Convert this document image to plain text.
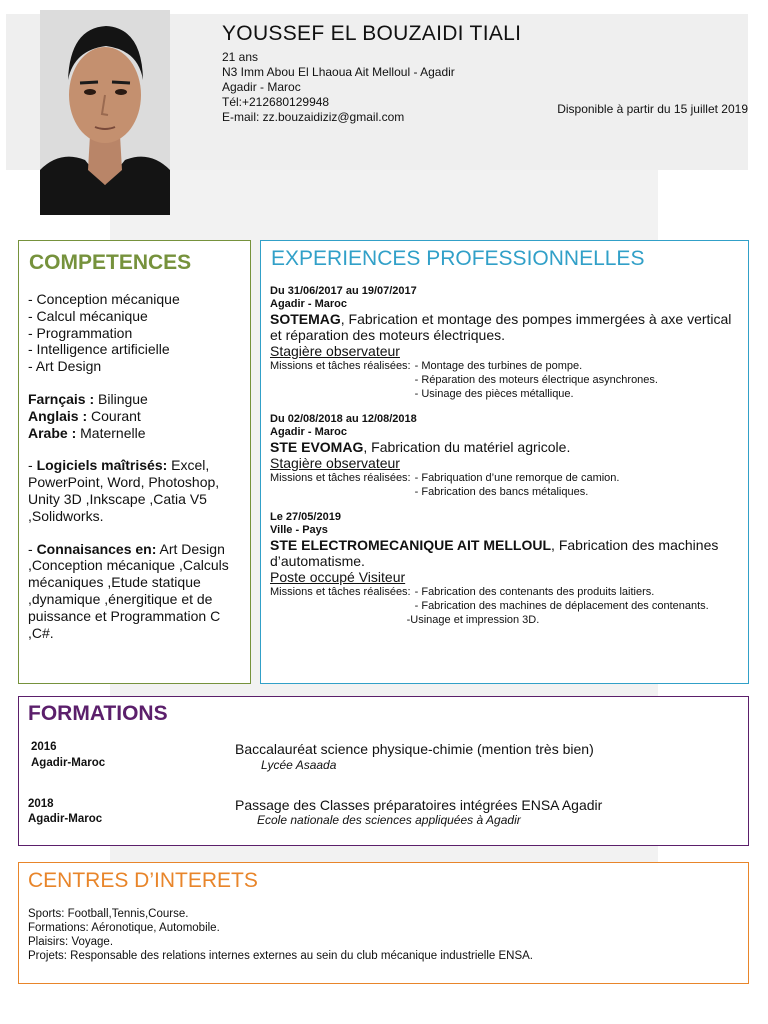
YOUSSEF EL BOUZAIDI TIALI
21 ans
N3 Imm Abou El Lhaoua Ait Melloul - Agadir
Agadir - Maroc
Tél:+212680129948
E-mail: zz.bouzaidiziz@gmail.com
Disponible à partir du 15 juillet 2019
COMPETENCES

- Conception mécanique

- Calcul mécanique

- Programmation

- Intelligence artificielle

- Art Design

Farnçais : Bilingue

Anglais : Courant

Arabe : Maternelle

- Logiciels maîtrisés: Excel, PowerPoint, Word, Photoshop, Unity 3D ,Inkscape ,Catia V5 ,Solidworks.

- Connaisances en: Art Design ,Conception mécanique ,Calculs mécaniques ,Etude statique ,dynamique ,énergitique et de puissance et Programmation C ,C#.

EXPERIENCES PROFESSIONNELLES
Du 31/06/2017 au 19/07/2017
Agadir - Maroc
SOTEMAG, Fabrication et montage des pompes immergées à axe vertical et réparation des moteurs électriques.
Stagière observateur
Missions et tâches réalisées: - Montage des turbines de pompe.
- Réparation des moteurs électrique asynchrones.
- Usinage des pièces métallique.
Du 02/08/2018 au 12/08/2018
Agadir - Maroc
STE EVOMAG, Fabrication du matériel agricole.
Stagière observateur
Missions et tâches réalisées: - Fabriquation d’une remorque de camion.
- Fabrication des bancs métaliques.
Le 27/05/2019
Ville - Pays
STE ELECTROMECANIQUE AIT MELLOUL, Fabrication des machines d’automatisme.
Poste occupé Visiteur
Missions et tâches réalisées: - Fabrication des contenants des produits laitiers.
- Fabrication des machines de déplacement des contenants.
-Usinage et impression 3D.
FORMATIONS
2016
Agadir-Maroc
Baccalauréat science physique-chimie (mention très bien)
Lycée Asaada
2018
Agadir-Maroc
Passage des Classes préparatoires intégrées ENSA Agadir
Ecole nationale des sciences appliquées à Agadir
CENTRES D’INTERETS
Sports: Football,Tennis,Course.
Formations: Aéronotique, Automobile.
Plaisirs: Voyage.
Projets: Responsable des relations internes externes au sein du club mécanique industrielle ENSA.
